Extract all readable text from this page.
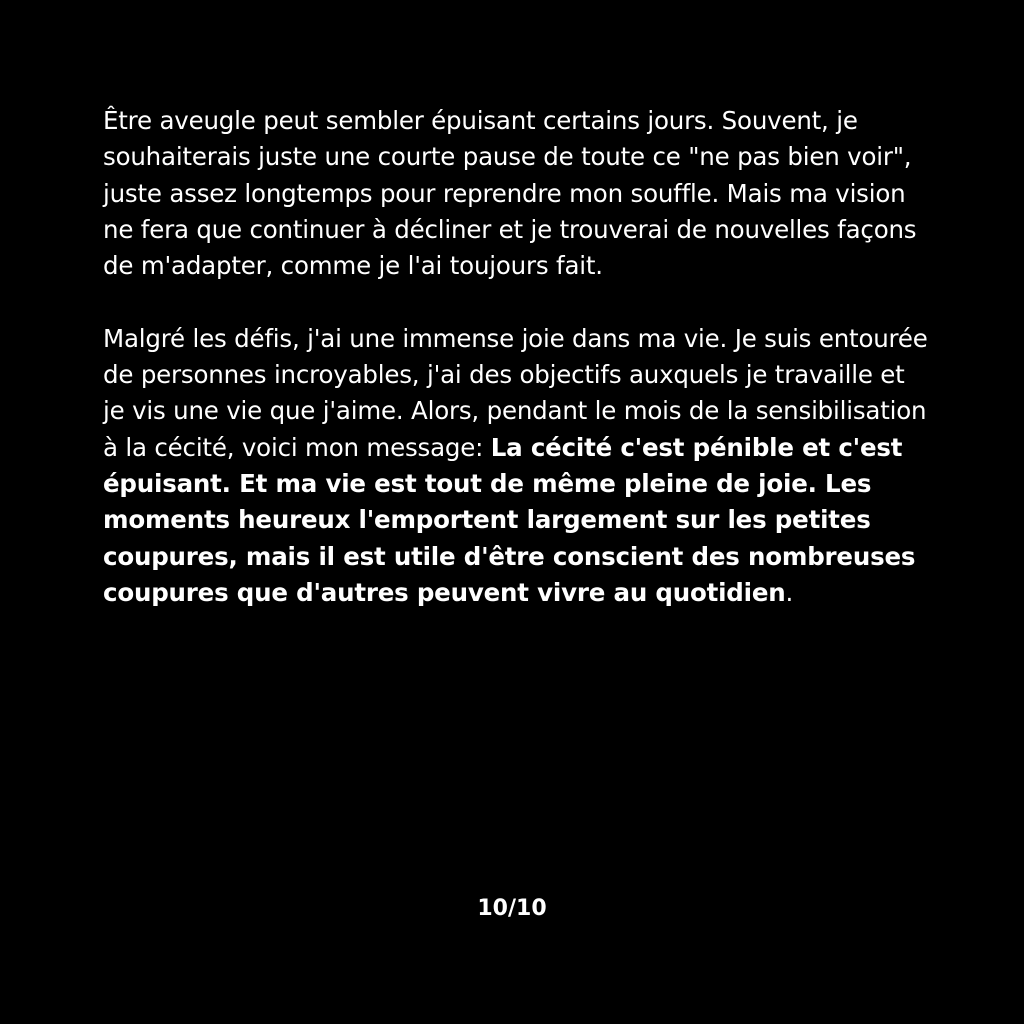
Être aveugle peut sembler épuisant certains jours. Souvent, je souhaiterais juste une courte pause de toute ce "ne pas bien voir", juste assez longtemps pour reprendre mon souffle. Mais ma vision ne fera que continuer à décliner et je trouverai de nouvelles façons de m'adapter, comme je l'ai toujours fait.

Malgré les défis, j'ai une immense joie dans ma vie. Je suis entourée de personnes incroyables, j'ai des objectifs auxquels je travaille et je vis une vie que j'aime. Alors, pendant le mois de la sensibilisation à la cécité, voici mon message: La cécité c'est pénible et c'est épuisant. Et ma vie est tout de même pleine de joie. Les moments heureux l'emportent largement sur les petites coupures, mais il est utile d'être conscient des nombreuses coupures que d'autres peuvent vivre au quotidien.

10/10
